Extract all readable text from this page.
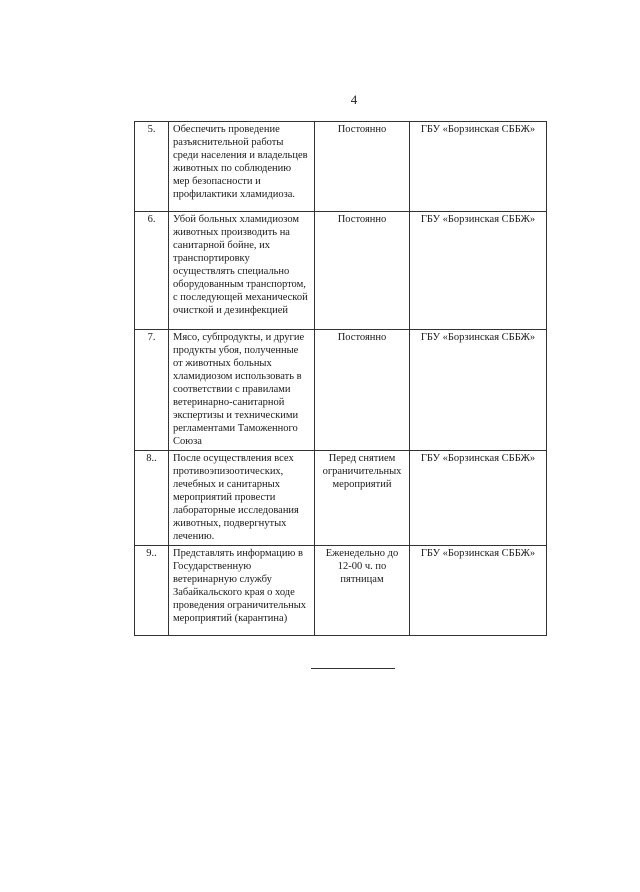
4
5.	Обеспечить проведение разъяснительной работы среди населения и владельцев животных по соблюдению мер безопасности и профилактики хламидиоза.	Постоянно	ГБУ «Борзинская СББЖ»
6.	Убой больных хламидиозом животных производить на санитарной бойне, их транспортировку осуществлять специально оборудованным транспортом, с последующей механической очисткой и дезинфекцией	Постоянно	ГБУ «Борзинская СББЖ»
7.	Мясо, субпродукты, и другие продукты убоя, полученные от животных больных хламидиозом использовать в соответствии с правилами ветеринарно-санитарной экспертизы и техническими регламентами Таможенного Союза	Постоянно	ГБУ «Борзинская СББЖ»
8..	После осуществления всех противоэпизоотических, лечебных и санитарных мероприятий провести лабораторные исследования животных, подвергнутых лечению.	Перед снятием ограничительных мероприятий	ГБУ «Борзинская СББЖ»
9..	Представлять информацию в Государственную ветеринарную службу Забайкальского края о ходе проведения ограничительных мероприятий (карантина)	Еженедельно до 12-00 ч. по пятницам	ГБУ «Борзинская СББЖ»
